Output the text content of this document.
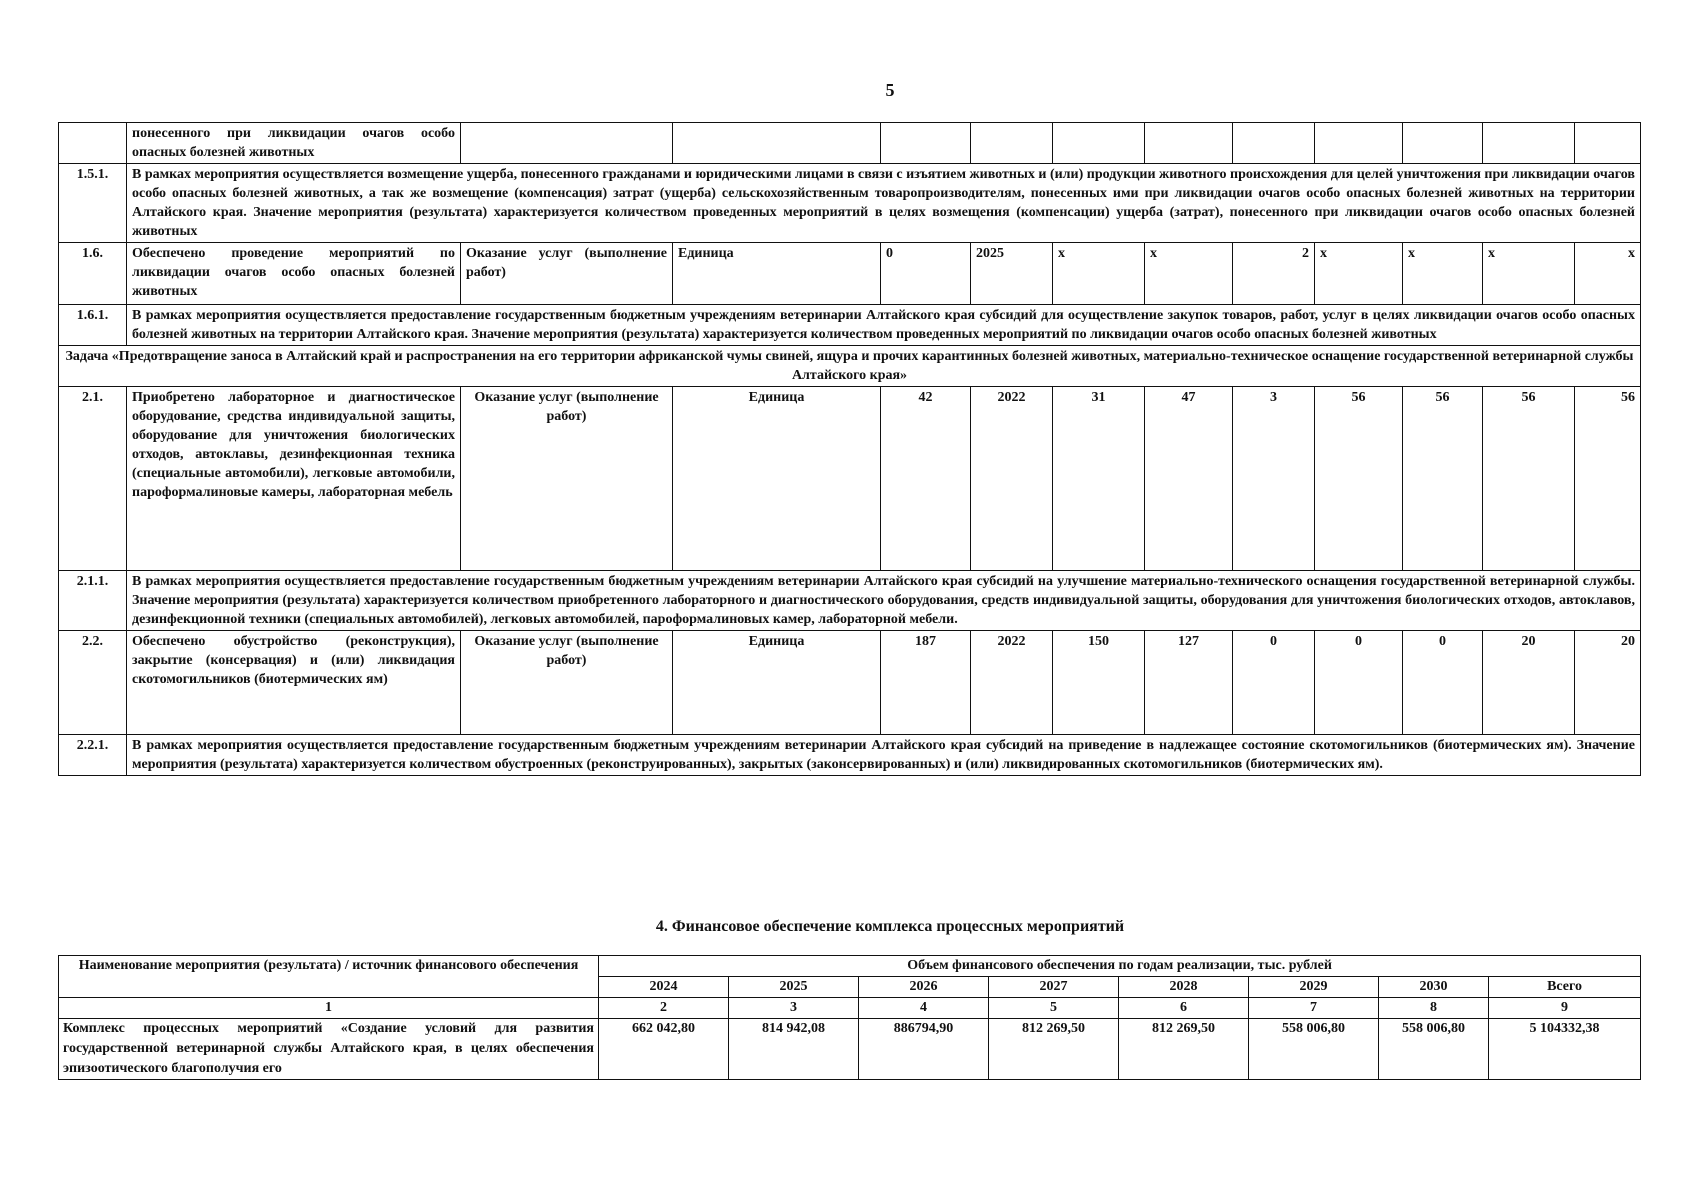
5
	понесенного при ликвидации очагов особо опасных болезней животных											
1.5.1.	В рамках мероприятия осуществляется возмещение ущерба, понесенного гражданами и юридическими лицами в связи с изъятием животных и (или) продукции животного происхождения для целей уничтожения при ликвидации очагов особо опасных болезней животных, а так же возмещение (компенсация) затрат (ущерба) сельскохозяйственным товаропроизводителям, понесенных ими при ликвидации очагов особо опасных болезней животных на территории Алтайского края. Значение мероприятия (результата) характеризуется количеством проведенных мероприятий в целях возмещения (компенсации) ущерба (затрат), понесенного при ликвидации очагов особо опасных болезней животных											
1.6.	Обеспечено проведение мероприятий по ликвидации очагов особо опасных болезней животных	Оказание услуг (выполнение работ)	Единица	0	2025	х	х	2	х	х	х	х
1.6.1.	В рамках мероприятия осуществляется предоставление государственным бюджетным учреждениям ветеринарии Алтайского края субсидий для осуществление закупок товаров, работ, услуг в целях ликвидации очагов особо опасных болезней животных на территории Алтайского края. Значение мероприятия (результата) характеризуется количеством проведенных мероприятий по ликвидации очагов особо опасных болезней животных											
Задача «Предотвращение заноса в Алтайский край и распространения на его территории африканской чумы свиней, ящура и прочих карантинных болезней животных, материально-техническое оснащение государственной ветеринарной службы Алтайского края»												
2.1.	Приобретено лабораторное и диагностическое оборудование, средства индивидуальной защиты, оборудование для уничтожения биологических отходов, автоклавы, дезинфекционная техника (специальные автомобили), легковые автомобили, пароформалиновые камеры, лабораторная мебель	Оказание услуг (выполнение работ)	Единица	42	2022	31	47	3	56	56	56	56
2.1.1.	В рамках мероприятия осуществляется предоставление государственным бюджетным учреждениям ветеринарии Алтайского края субсидий на улучшение материально-технического оснащения государственной ветеринарной службы. Значение мероприятия (результата) характеризуется количеством приобретенного лабораторного и диагностического оборудования, средств индивидуальной защиты, оборудования для уничтожения биологических отходов, автоклавов, дезинфекционной техники (специальных автомобилей), легковых автомобилей, пароформалиновых камер, лабораторной мебели.											
2.2.	Обеспечено обустройство (реконструкция), закрытие (консервация) и (или) ликвидация скотомогильников (биотермических ям)	Оказание услуг (выполнение работ)	Единица	187	2022	150	127	0	0	0	20	20
2.2.1.	В рамках мероприятия осуществляется предоставление государственным бюджетным учреждениям ветеринарии Алтайского края субсидий на приведение в надлежащее состояние скотомогильников (биотермических ям). Значение мероприятия (результата) характеризуется количеством обустроенных (реконструированных), закрытых (законсервированных) и (или) ликвидированных скотомогильников (биотермических ям).											
4. Финансовое обеспечение комплекса процессных мероприятий
Наименование мероприятия (результата) / источник финансового обеспечения	Объем финансового обеспечения по годам реализации, тыс. рублей							
	2024	2025	2026	2027	2028	2029	2030	Всего
1	2	3	4	5	6	7	8	9
Комплекс процессных мероприятий «Создание условий для развития государственной ветеринарной службы Алтайского края, в целях обеспечения эпизоотического благополучия его	662 042,80	814 942,08	886794,90	812 269,50	812 269,50	558 006,80	558 006,80	5 104332,38
